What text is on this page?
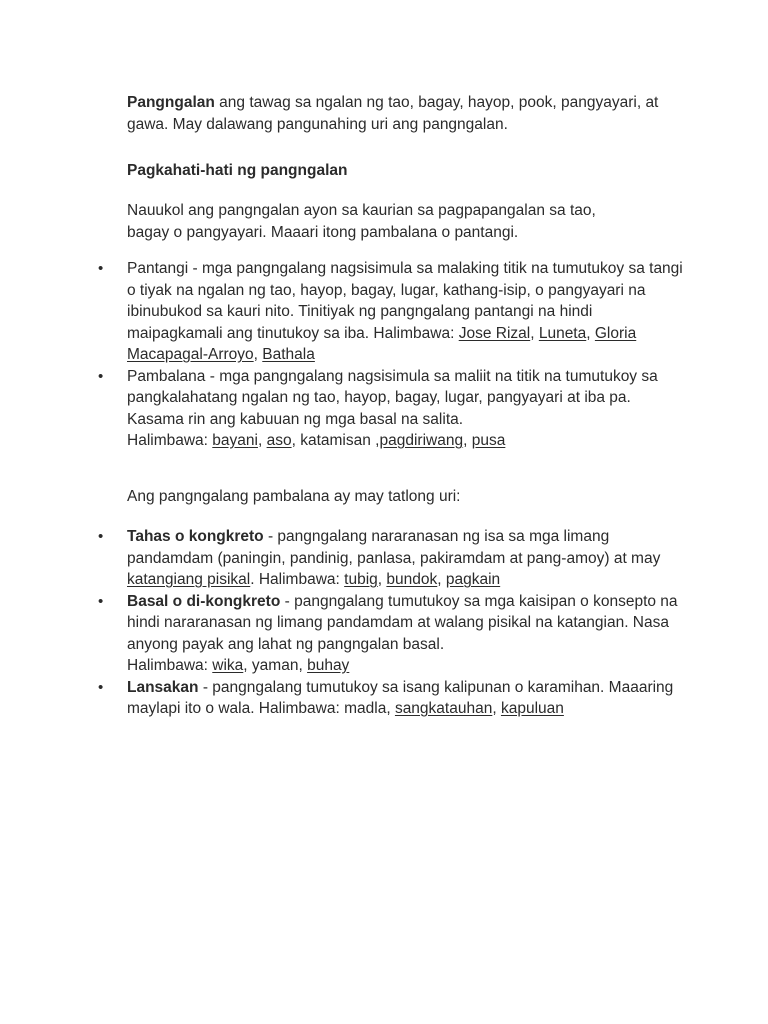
Pangngalan ang tawag sa ngalan ng tao, bagay, hayop, pook, pangyayari, at gawa. May dalawang pangunahing uri ang pangngalan.

Pagkahati-hati ng pangngalan

Nauukol ang pangngalan ayon sa kaurian sa pagpapangalan sa tao, bagay o pangyayari. Maaari itong pambalana o pantangi.

• Pantangi - mga pangngalang nagsisimula sa malaking titik na tumutukoy sa tangi o tiyak na ngalan ng tao, hayop, bagay, lugar, kathang-isip, o pangyayari na ibinubukod sa kauri nito. Tinitiyak ng pangngalang pantangi na hindi maipagkamali ang tinutukoy sa iba. Halimbawa: Jose Rizal, Luneta, Gloria Macapagal-Arroyo, Bathala
• Pambalana - mga pangngalang nagsisimula sa maliit na titik na tumutukoy sa pangkalahatang ngalan ng tao, hayop, bagay, lugar, pangyayari at iba pa. Kasama rin ang kabuuan ng mga basal na salita.
Halimbawa: bayani, aso, katamisan ,pagdiriwang, pusa

Ang pangngalang pambalana ay may tatlong uri:

• Tahas o kongkreto - pangngalang nararanasan ng isa sa mga limang pandamdam (paningin, pandinig, panlasa, pakiramdam at pang-amoy) at may katangiang pisikal. Halimbawa: tubig, bundok, pagkain
• Basal o di-kongkreto - pangngalang tumutukoy sa mga kaisipan o konsepto na hindi nararanasan ng limang pandamdam at walang pisikal na katangian. Nasa anyong payak ang lahat ng pangngalan basal.
Halimbawa: wika, yaman, buhay
• Lansakan - pangngalang tumutukoy sa isang kalipunan o karamihan. Maaaring maylapi ito o wala. Halimbawa: madla, sangkatauhan, kapuluan
